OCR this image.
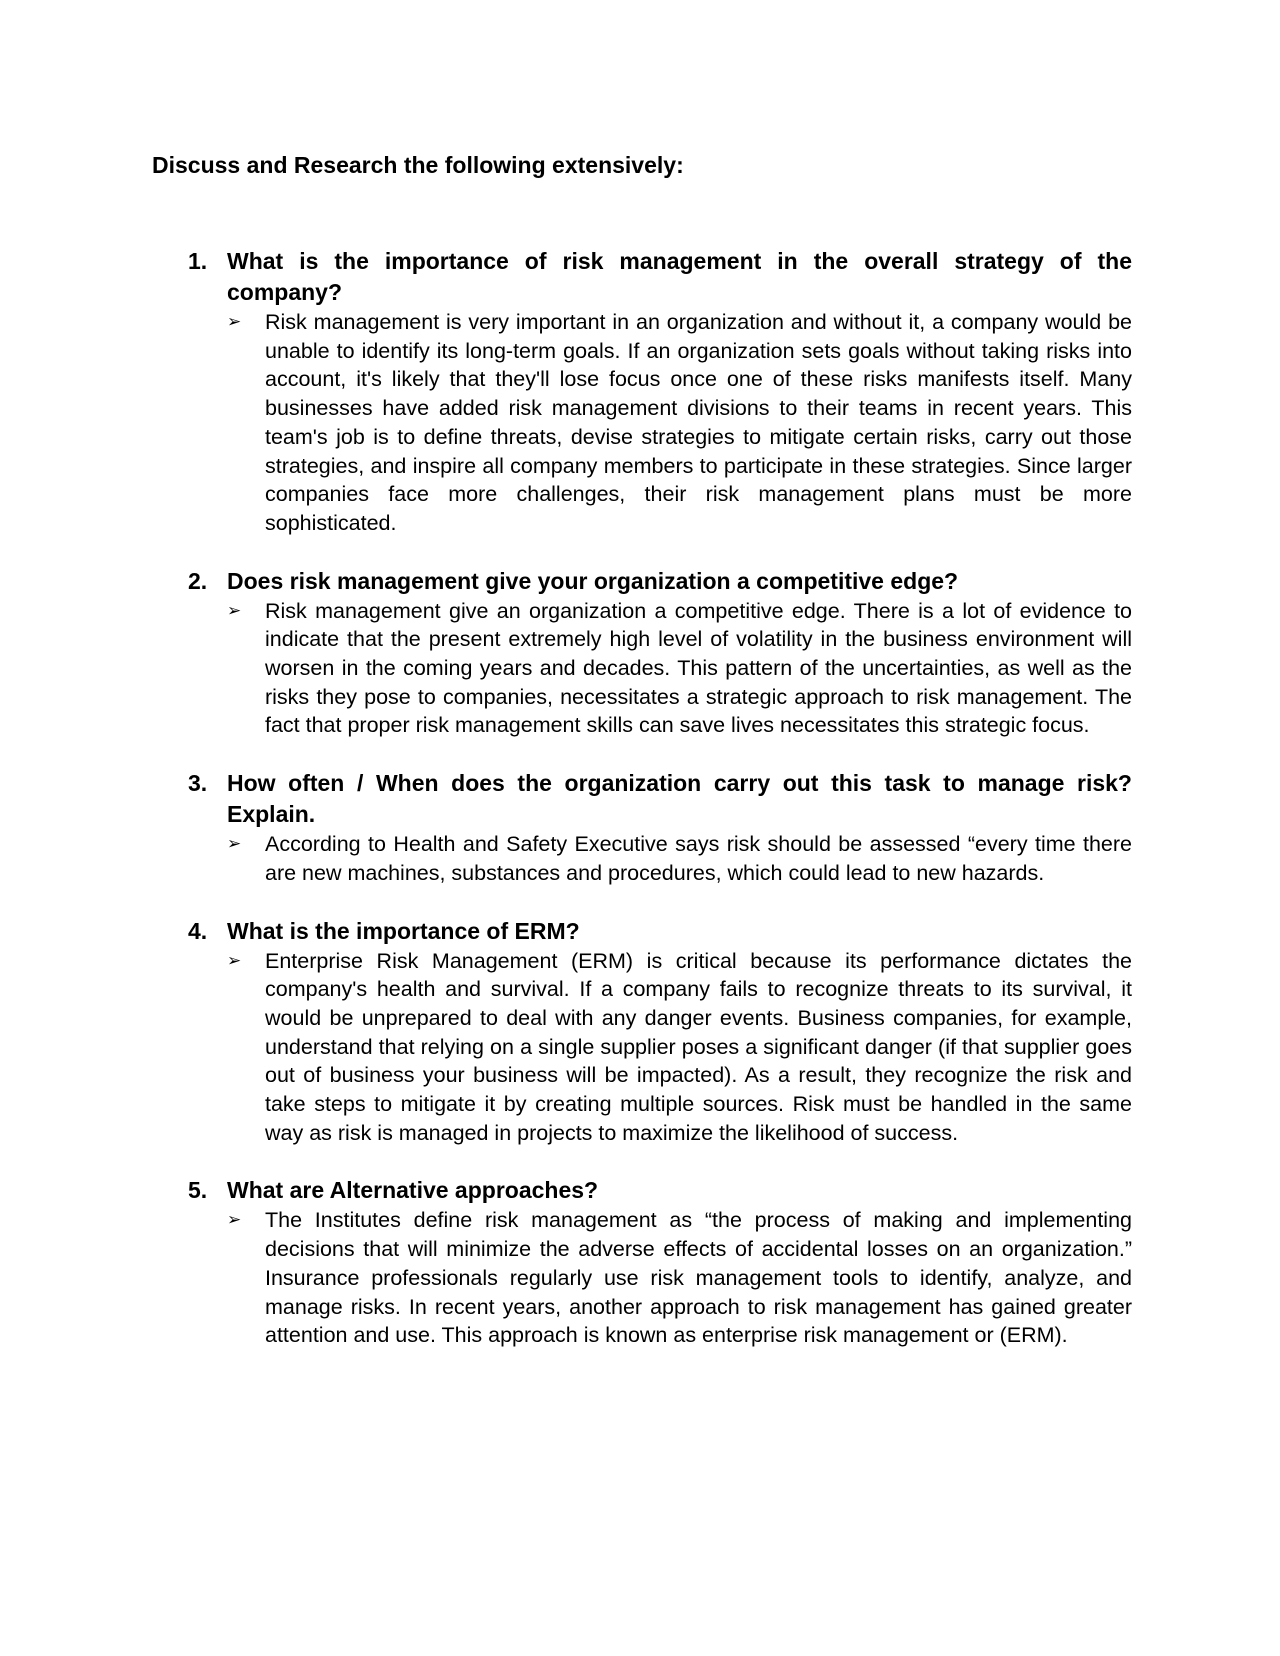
Discuss and Research the following extensively:
1. What is the importance of risk management in the overall strategy of the company?
➢ Risk management is very important in an organization and without it, a company would be unable to identify its long-term goals. If an organization sets goals without taking risks into account, it's likely that they'll lose focus once one of these risks manifests itself. Many businesses have added risk management divisions to their teams in recent years. This team's job is to define threats, devise strategies to mitigate certain risks, carry out those strategies, and inspire all company members to participate in these strategies. Since larger companies face more challenges, their risk management plans must be more sophisticated.
2. Does risk management give your organization a competitive edge?
➢ Risk management give an organization a competitive edge. There is a lot of evidence to indicate that the present extremely high level of volatility in the business environment will worsen in the coming years and decades. This pattern of the uncertainties, as well as the risks they pose to companies, necessitates a strategic approach to risk management. The fact that proper risk management skills can save lives necessitates this strategic focus.
3. How often / When does the organization carry out this task to manage risk? Explain.
➢ According to Health and Safety Executive says risk should be assessed “every time there are new machines, substances and procedures, which could lead to new hazards.
4. What is the importance of ERM?
➢ Enterprise Risk Management (ERM) is critical because its performance dictates the company's health and survival. If a company fails to recognize threats to its survival, it would be unprepared to deal with any danger events. Business companies, for example, understand that relying on a single supplier poses a significant danger (if that supplier goes out of business your business will be impacted). As a result, they recognize the risk and take steps to mitigate it by creating multiple sources. Risk must be handled in the same way as risk is managed in projects to maximize the likelihood of success.
5. What are Alternative approaches?
➢ The Institutes define risk management as “the process of making and implementing decisions that will minimize the adverse effects of accidental losses on an organization.” Insurance professionals regularly use risk management tools to identify, analyze, and manage risks. In recent years, another approach to risk management has gained greater attention and use. This approach is known as enterprise risk management or (ERM).
